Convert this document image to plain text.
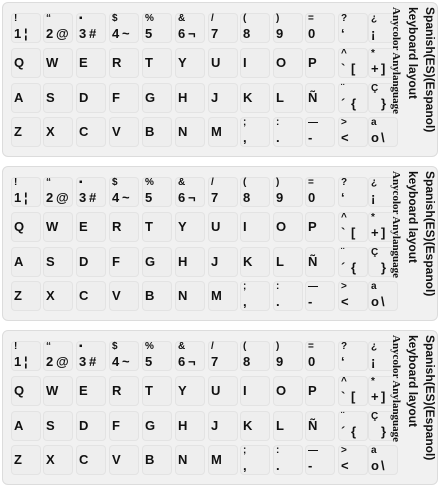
!
1 ¦
“
2 @
▪
3 #
$
4 ~
%
5
&
6 ¬
/
7
(
8
)
9
=
0
?
‘
¿
¡
Q W E R T Y U I O P
^
` [
*
+ ]
A S D F G H J K L Ñ
¨
´ {
Ç
}
Z X C V B N M
;
,
:
.
—
-
>
<
a
o \
Spanish(ES)(Espanol)
keyboard layout
Anycolor Anylanguage
!
1 ¦
“
2 @
▪
3 #
$
4 ~
%
5
&
6 ¬
/
7
(
8
)
9
=
0
?
‘
¿
¡
Q W E R T Y U I O P
^
` [
*
+ ]
A S D F G H J K L Ñ
¨
´ {
Ç
}
Z X C V B N M
;
,
:
.
—
-
>
<
a
o \
Spanish(ES)(Espanol)
keyboard layout
Anycolor Anylanguage
!
1 ¦
“
2 @
▪
3 #
$
4 ~
%
5
&
6 ¬
/
7
(
8
)
9
=
0
?
‘
¿
¡
Q W E R T Y U I O P
^
` [
*
+ ]
A S D F G H J K L Ñ
¨
´ {
Ç
}
Z X C V B N M
;
,
:
.
—
-
>
<
a
o \
Spanish(ES)(Espanol)
keyboard layout
Anycolor Anylanguage
